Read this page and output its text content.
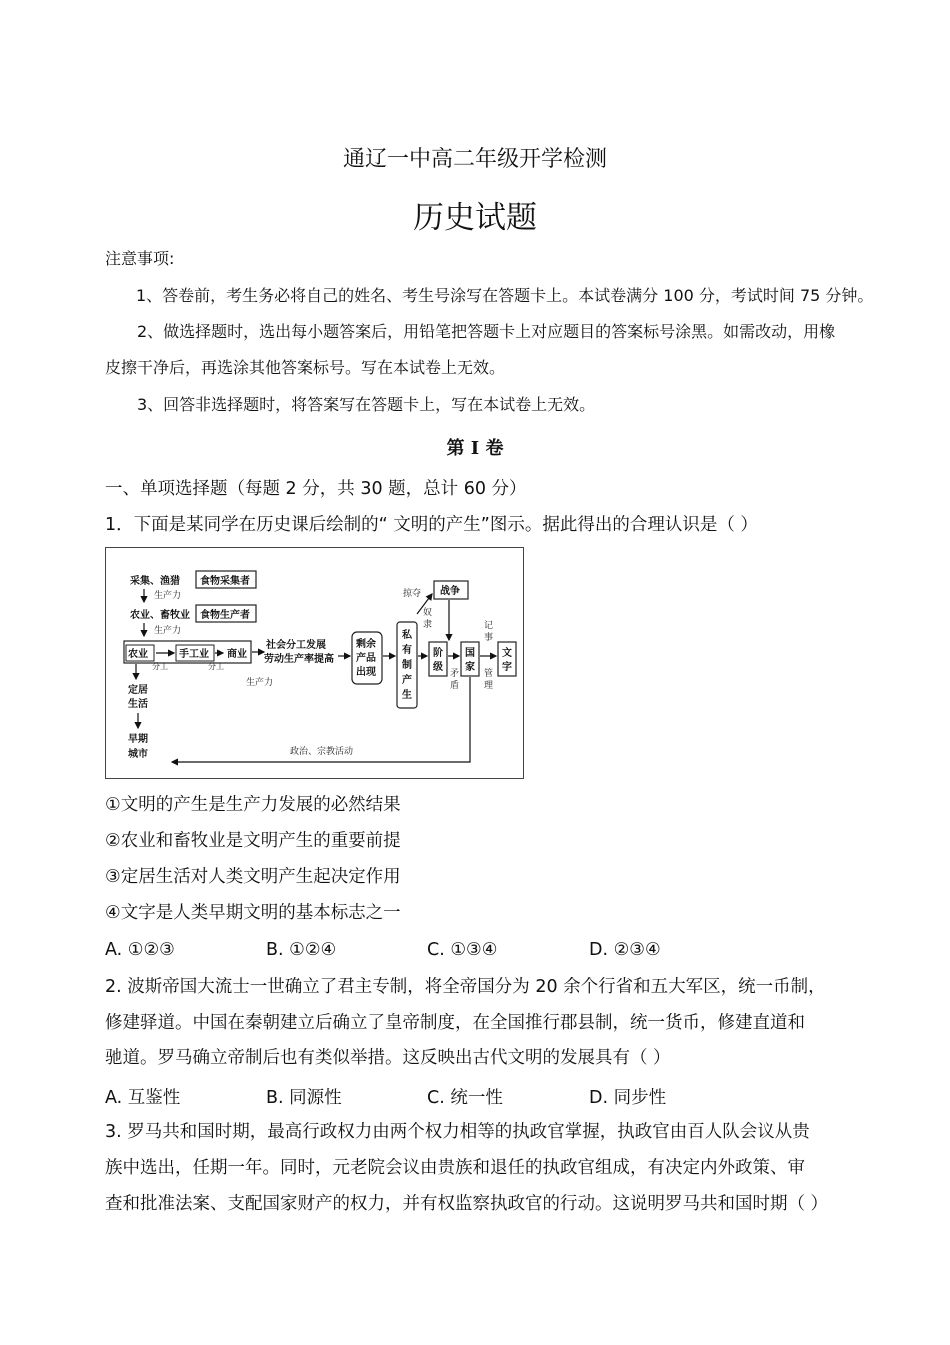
通辽一中高二年级开学检测
历史试题
注意事项:
1、答卷前，考生务必将自己的姓名、考生号涂写在答题卡上。本试卷满分 100 分，考试时间 75 分钟。
2、做选择题时，选出每小题答案后，用铅笔把答题卡上对应题目的答案标号涂黑。如需改动，用橡
皮擦干净后，再选涂其他答案标号。写在本试卷上无效。
3、回答非选择题时，将答案写在答题卡上，写在本试卷上无效。
第 I 卷
一、单项选择题（每题 2 分，共 30 题，总计 60 分）
1．下面是某同学在历史课后绘制的“ 文明的产生”图示。据此得出的合理认识是（ ）
采集、渔猎 食物采集者
生产力
农业、畜牧业 食物生产者
生产力
农业	手工业 商业
分工	分工
社会分工发展
劳动生产率提高
生产力
剩余
产品
出现
私
有
制
产
生
掠夺 战争
奴
隶
阶
级
矛
盾
国
家
记
事
管
理
文
字
定居
生活
早期
城市	政治、宗教活动
①文明的产生是生产力发展的必然结果
②农业和畜牧业是文明产生的重要前提
③定居生活对人类文明产生起决定作用
④文字是人类早期文明的基本标志之一
A. ①②③	B. ①②④	C. ①③④	D. ②③④
2. 波斯帝国大流士一世确立了君主专制，将全帝国分为 20 余个行省和五大军区，统一币制，
修建驿道。中国在秦朝建立后确立了皇帝制度，在全国推行郡县制，统一货币，修建直道和
驰道。罗马确立帝制后也有类似举措。这反映出古代文明的发展具有（ ）
A. 互鉴性	B. 同源性	C. 统一性	D. 同步性
3. 罗马共和国时期，最高行政权力由两个权力相等的执政官掌握，执政官由百人队会议从贵
族中选出，任期一年。同时，元老院会议由贵族和退任的执政官组成，有决定内外政策、审
查和批准法案、支配国家财产的权力，并有权监察执政官的行动。这说明罗马共和国时期（ ）
